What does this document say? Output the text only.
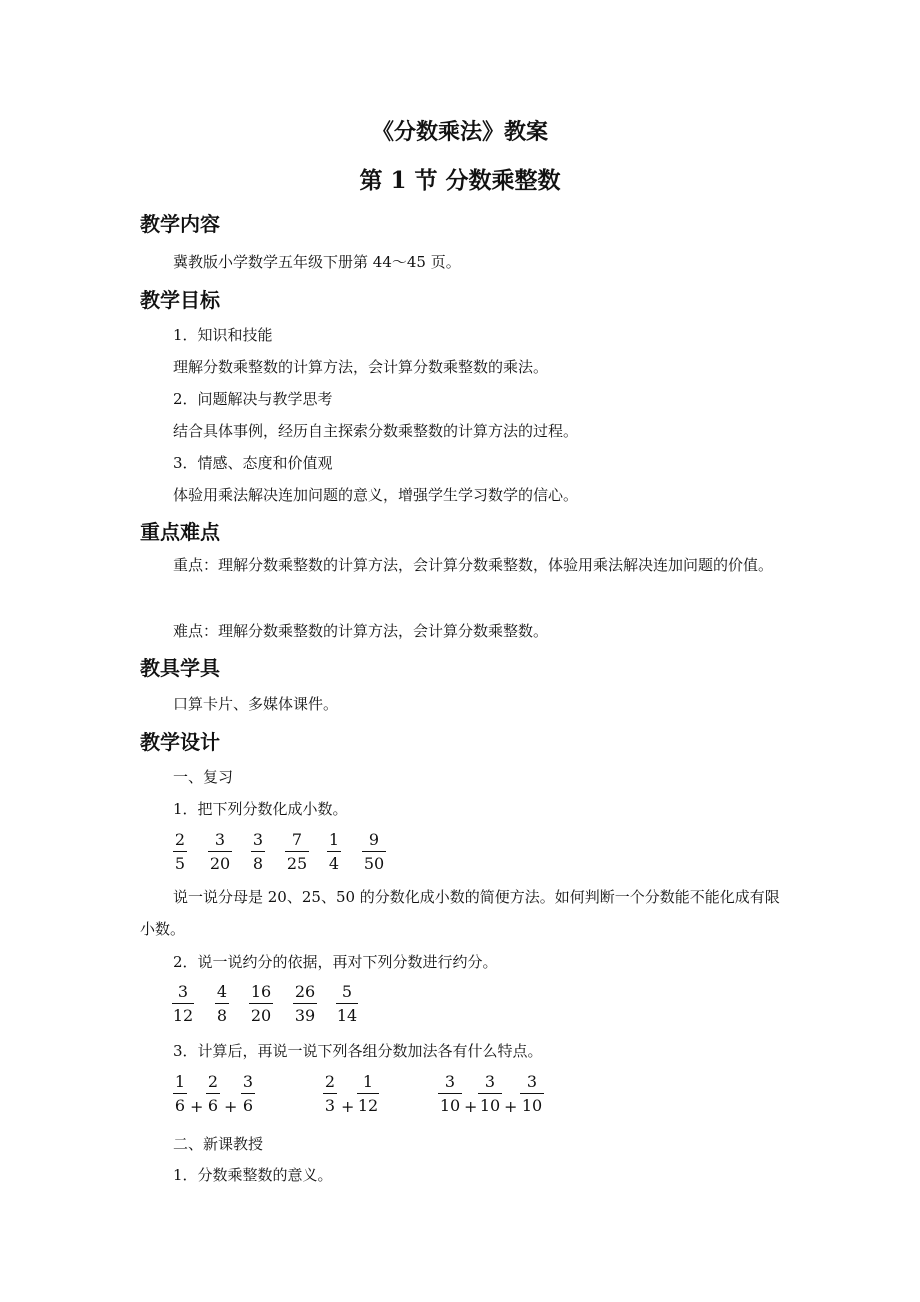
《分数乘法》教案
第 1 节 分数乘整数
教学内容
冀教版小学数学五年级下册第 44～45 页。
教学目标
1．知识和技能
理解分数乘整数的计算方法，会计算分数乘整数的乘法。
2．问题解决与教学思考
结合具体事例，经历自主探索分数乘整数的计算方法的过程。
3．情感、态度和价值观
体验用乘法解决连加问题的意义，增强学生学习数学的信心。
重点难点
重点：理解分数乘整数的计算方法，会计算分数乘整数，体验用乘法解决连加问题的价值。
难点：理解分数乘整数的计算方法，会计算分数乘整数。
教具学具
口算卡片、多媒体课件。
教学设计
一、复习
1．把下列分数化成小数。
2
5
3
20
3
8
7
25
1
4
9
50
说一说分母是 20、25、50 的分数化成小数的简便方法。如何判断一个分数能不能化成有限小数。
2．说一说约分的依据，再对下列分数进行约分。
3
12
4
8
16
20
26
39
5
14
3．计算后，再说一说下列各组分数加法各有什么特点。
1
6 +
2
6 +
3
6
2
3 +
1
12
3
10 +
3
10 +
3
10
二、新课教授
1．分数乘整数的意义。
